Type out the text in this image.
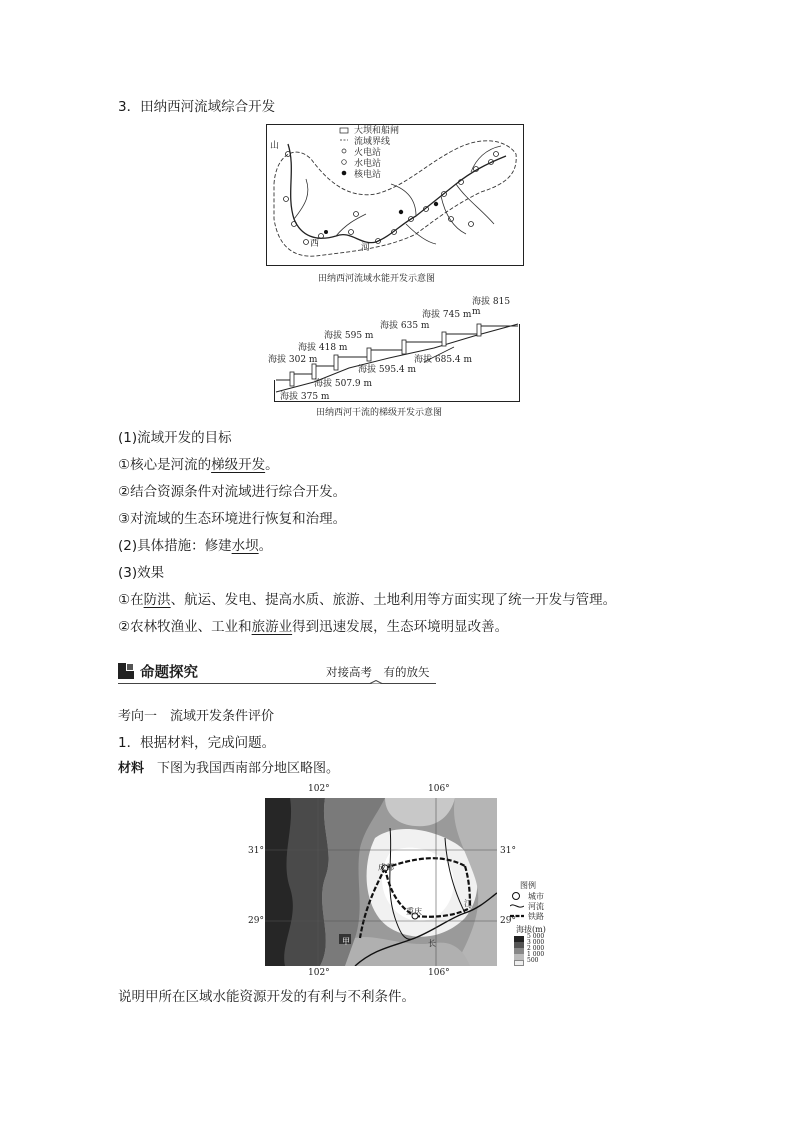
3．田纳西河流域综合开发
大坝和船闸
流域界线
火电站
水电站
核电站
山
西	河
田纳西河流域水能开发示意图
海拔 815 m
海拔 745 m
海拔 635 m
海拔 595 m
海拔 418 m
海拔 302 m	海拔 685.4 m
海拔 595.4 m
海拔 507.9 m
海拔 375 m
田纳西河干流的梯级开发示意图
(1)流域开发的目标
①核心是河流的梯级开发。
②结合资源条件对流域进行综合开发。
③对流域的生态环境进行恢复和治理。
(2)具体措施：修建水坝。
(3)效果
①在防洪、航运、发电、提高水质、旅游、土地利用等方面实现了统一开发与管理。
②农林牧渔业、工业和旅游业得到迅速发展，生态环境明显改善。
命题探究	对接高考　有的放矢
考向一　流域开发条件评价
1．根据材料，完成问题。
材料　下图为我国西南部分地区略图。
102°	106°
102°	106°
31°
29°
31°
29°
成都
重庆
长
江
甲
图例
城市
河流
铁路
海拔(m)
5 000
3 000
2 000
1 000
500
说明甲所在区域水能资源开发的有利与不利条件。
